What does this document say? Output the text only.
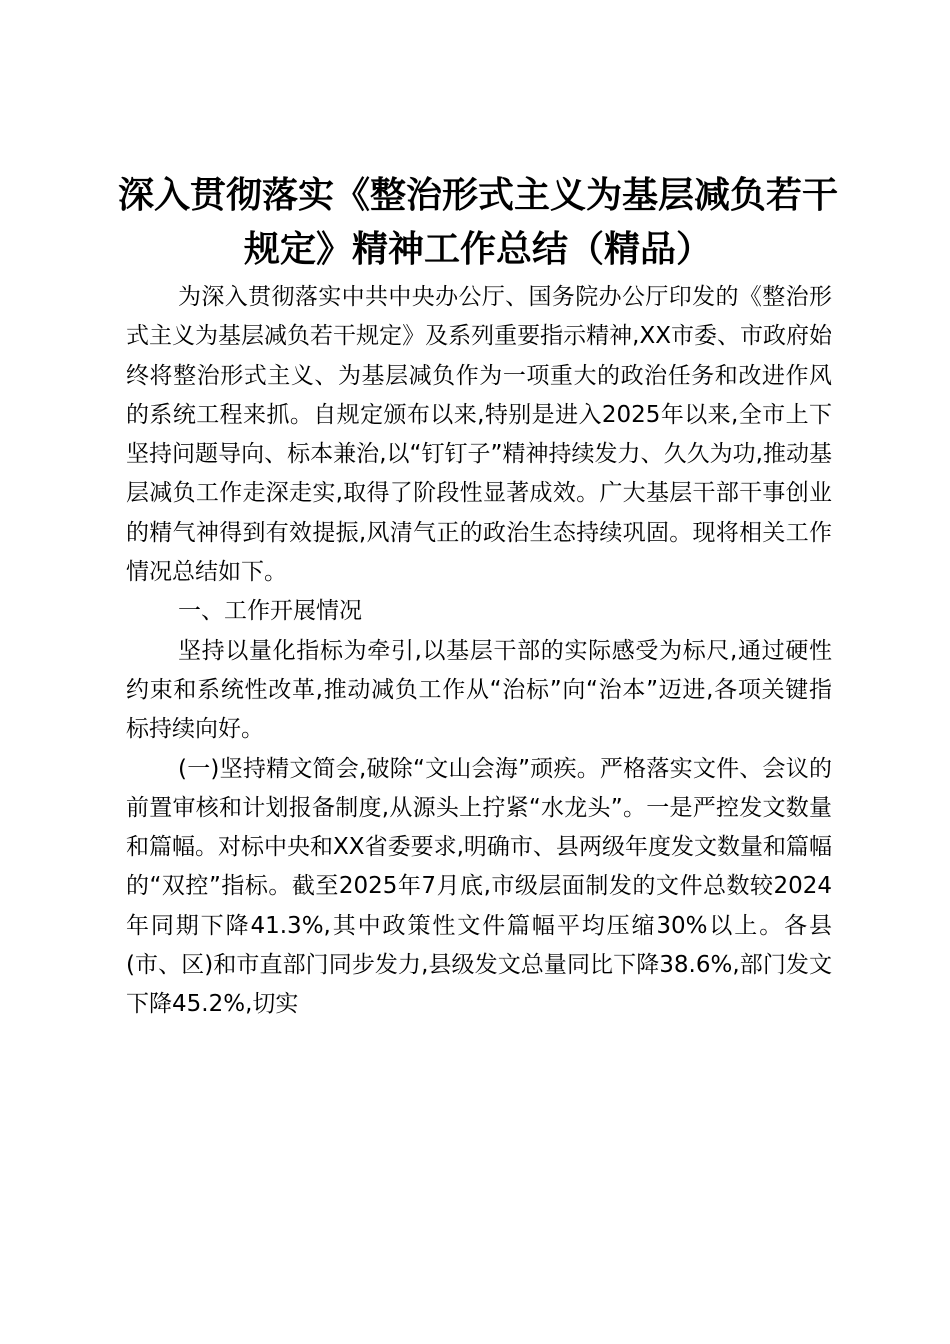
深入贯彻落实《整治形式主义为基层减负若干规定》精神工作总结（精品）

为深入贯彻落实中共中央办公厅、国务院办公厅印发的《整治形式主义为基层减负若干规定》及系列重要指示精神,XX市委、市政府始终将整治形式主义、为基层减负作为一项重大的政治任务和改进作风的系统工程来抓。自规定颁布以来,特别是进入2025年以来,全市上下坚持问题导向、标本兼治,以“钉钉子”精神持续发力、久久为功,推动基层减负工作走深走实,取得了阶段性显著成效。广大基层干部干事创业的精气神得到有效提振,风清气正的政治生态持续巩固。现将相关工作情况总结如下。

一、工作开展情况

坚持以量化指标为牵引,以基层干部的实际感受为标尺,通过硬性约束和系统性改革,推动减负工作从“治标”向“治本”迈进,各项关键指标持续向好。

(一)坚持精文简会,破除“文山会海”顽疾。严格落实文件、会议的前置审核和计划报备制度,从源头上拧紧“水龙头”。一是严控发文数量和篇幅。对标中央和XX省委要求,明确市、县两级年度发文数量和篇幅的“双控”指标。截至2025年7月底,市级层面制发的文件总数较2024年同期下降41.3%,其中政策性文件篇幅平均压缩30%以上。各县(市、区)和市直部门同步发力,县级发文总量同比下降38.6%,部门发文下降45.2%,切实
